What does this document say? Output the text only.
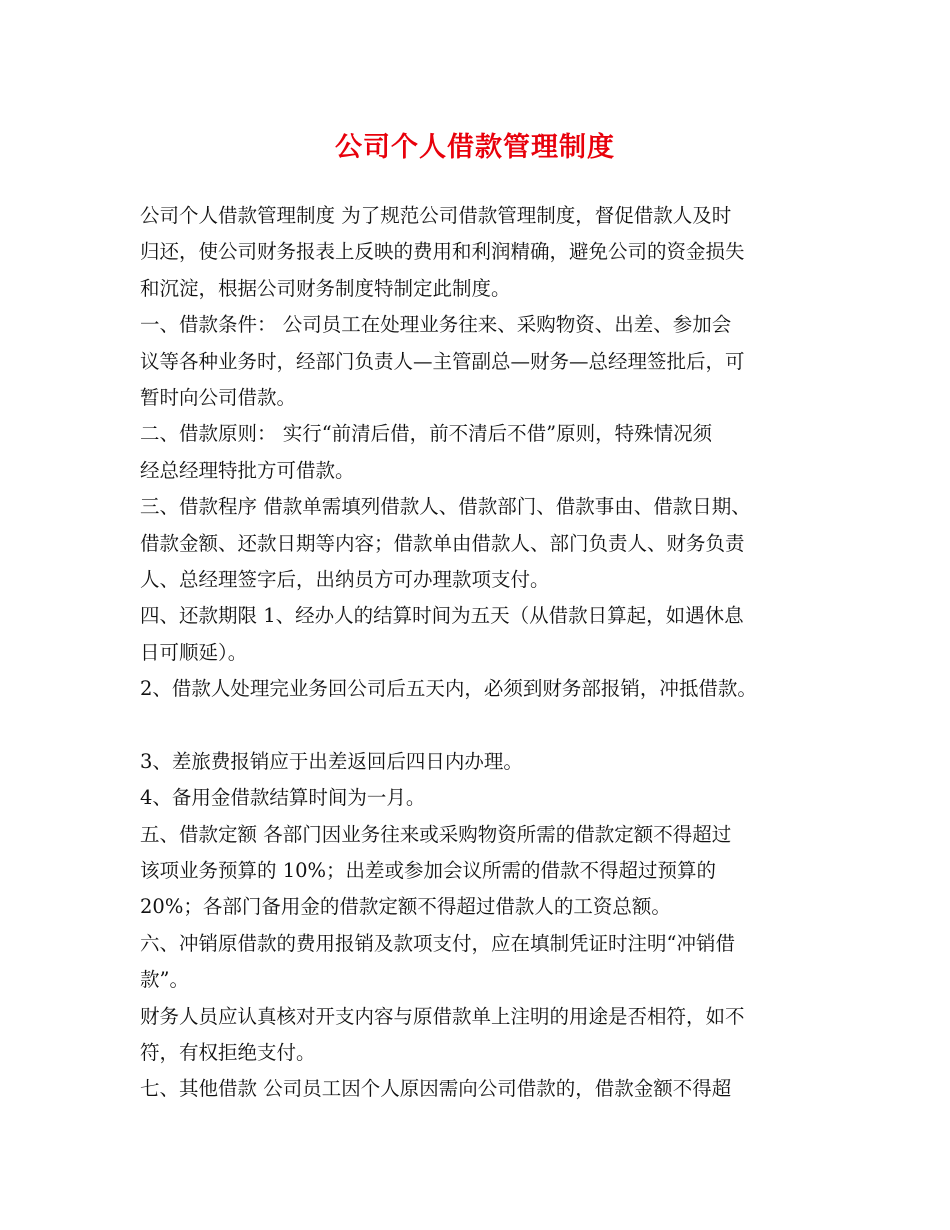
公司个人借款管理制度
公司个人借款管理制度 为了规范公司借款管理制度，督促借款人及时
归还，使公司财务报表上反映的费用和利润精确，避免公司的资金损失
和沉淀，根据公司财务制度特制定此制度。
一、借款条件： 公司员工在处理业务往来、采购物资、出差、参加会
议等各种业务时，经部门负责人—主管副总—财务—总经理签批后，可
暂时向公司借款。
二、借款原则： 实行“前清后借，前不清后不借”原则，特殊情况须
经总经理特批方可借款。
三、借款程序 借款单需填列借款人、借款部门、借款事由、借款日期、
借款金额、还款日期等内容；借款单由借款人、部门负责人、财务负责
人、总经理签字后，出纳员方可办理款项支付。
四、还款期限 1、经办人的结算时间为五天（从借款日算起，如遇休息
日可顺延）。
2、借款人处理完业务回公司后五天内，必须到财务部报销，冲抵借款。
3、差旅费报销应于出差返回后四日内办理。
4、备用金借款结算时间为一月。
五、借款定额 各部门因业务往来或采购物资所需的借款定额不得超过
该项业务预算的 10%；出差或参加会议所需的借款不得超过预算的
20%；各部门备用金的借款定额不得超过借款人的工资总额。
六、冲销原借款的费用报销及款项支付，应在填制凭证时注明“冲销借
款”。
财务人员应认真核对开支内容与原借款单上注明的用途是否相符，如不
符，有权拒绝支付。
七、其他借款 公司员工因个人原因需向公司借款的，借款金额不得超
